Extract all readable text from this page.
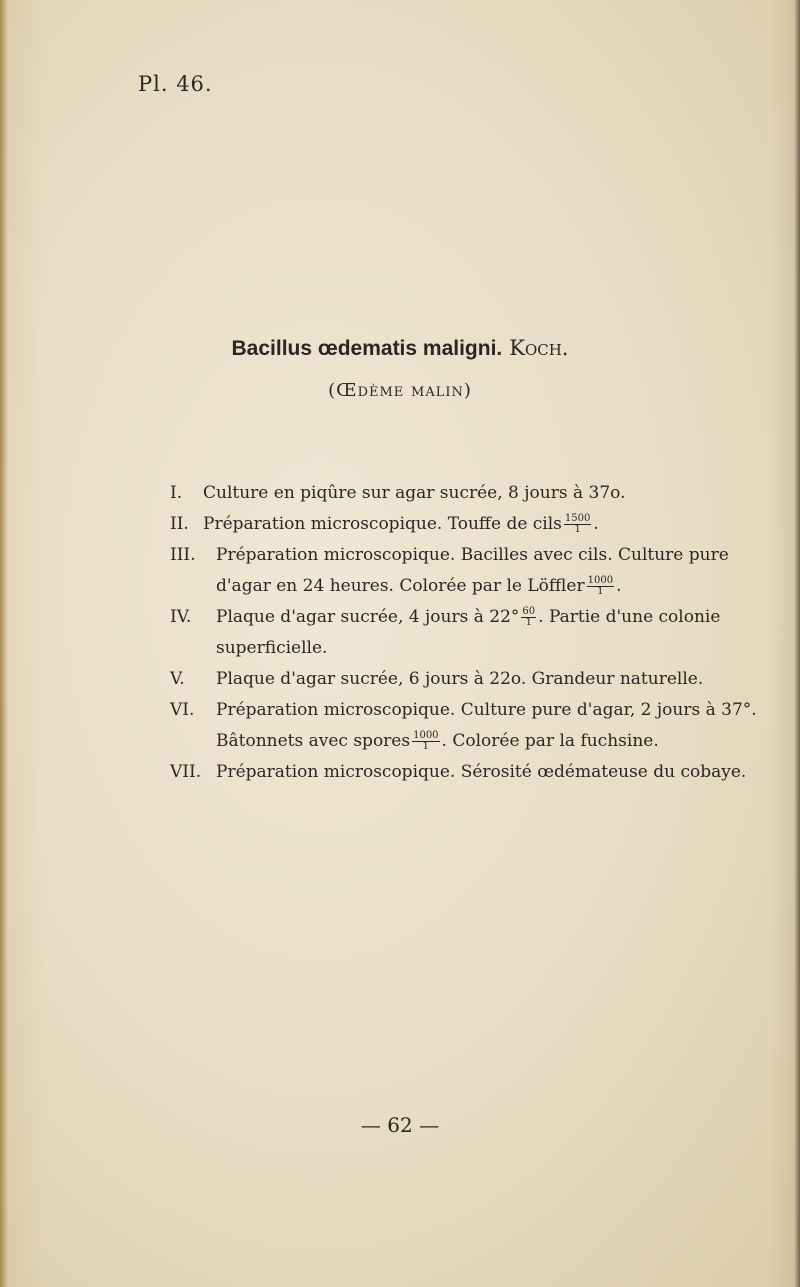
Pl. 46.
Bacillus œdematis maligni. Koch.
(Œdème malin)
I. Culture en piqûre sur agar sucrée, 8 jours à 37o.
II. Préparation microscopique. Touffe de cils $\frac{1500}{1}$ .
III. Préparation microscopique. Bacilles avec cils. Culture pure d'agar en 24 heures. Colorée par le Löffler $\frac{1000}{1}$ .
IV. Plaque d'agar sucrée, 4 jours à $22^\circ \frac{60}{1}$ . Partie d'une colonie superficielle.
V. Plaque d'agar sucrée, 6 jours à 22o. Grandeur naturelle.
VI. Préparation microscopique. Culture pure d'agar, 2 jours à 37°. Bâtonnets avec spores $\frac{1000}{1}$ . Colorée par la fuchsine.
VII. Préparation microscopique. Sérosité œdémateuse du cobaye.
— 62 —
